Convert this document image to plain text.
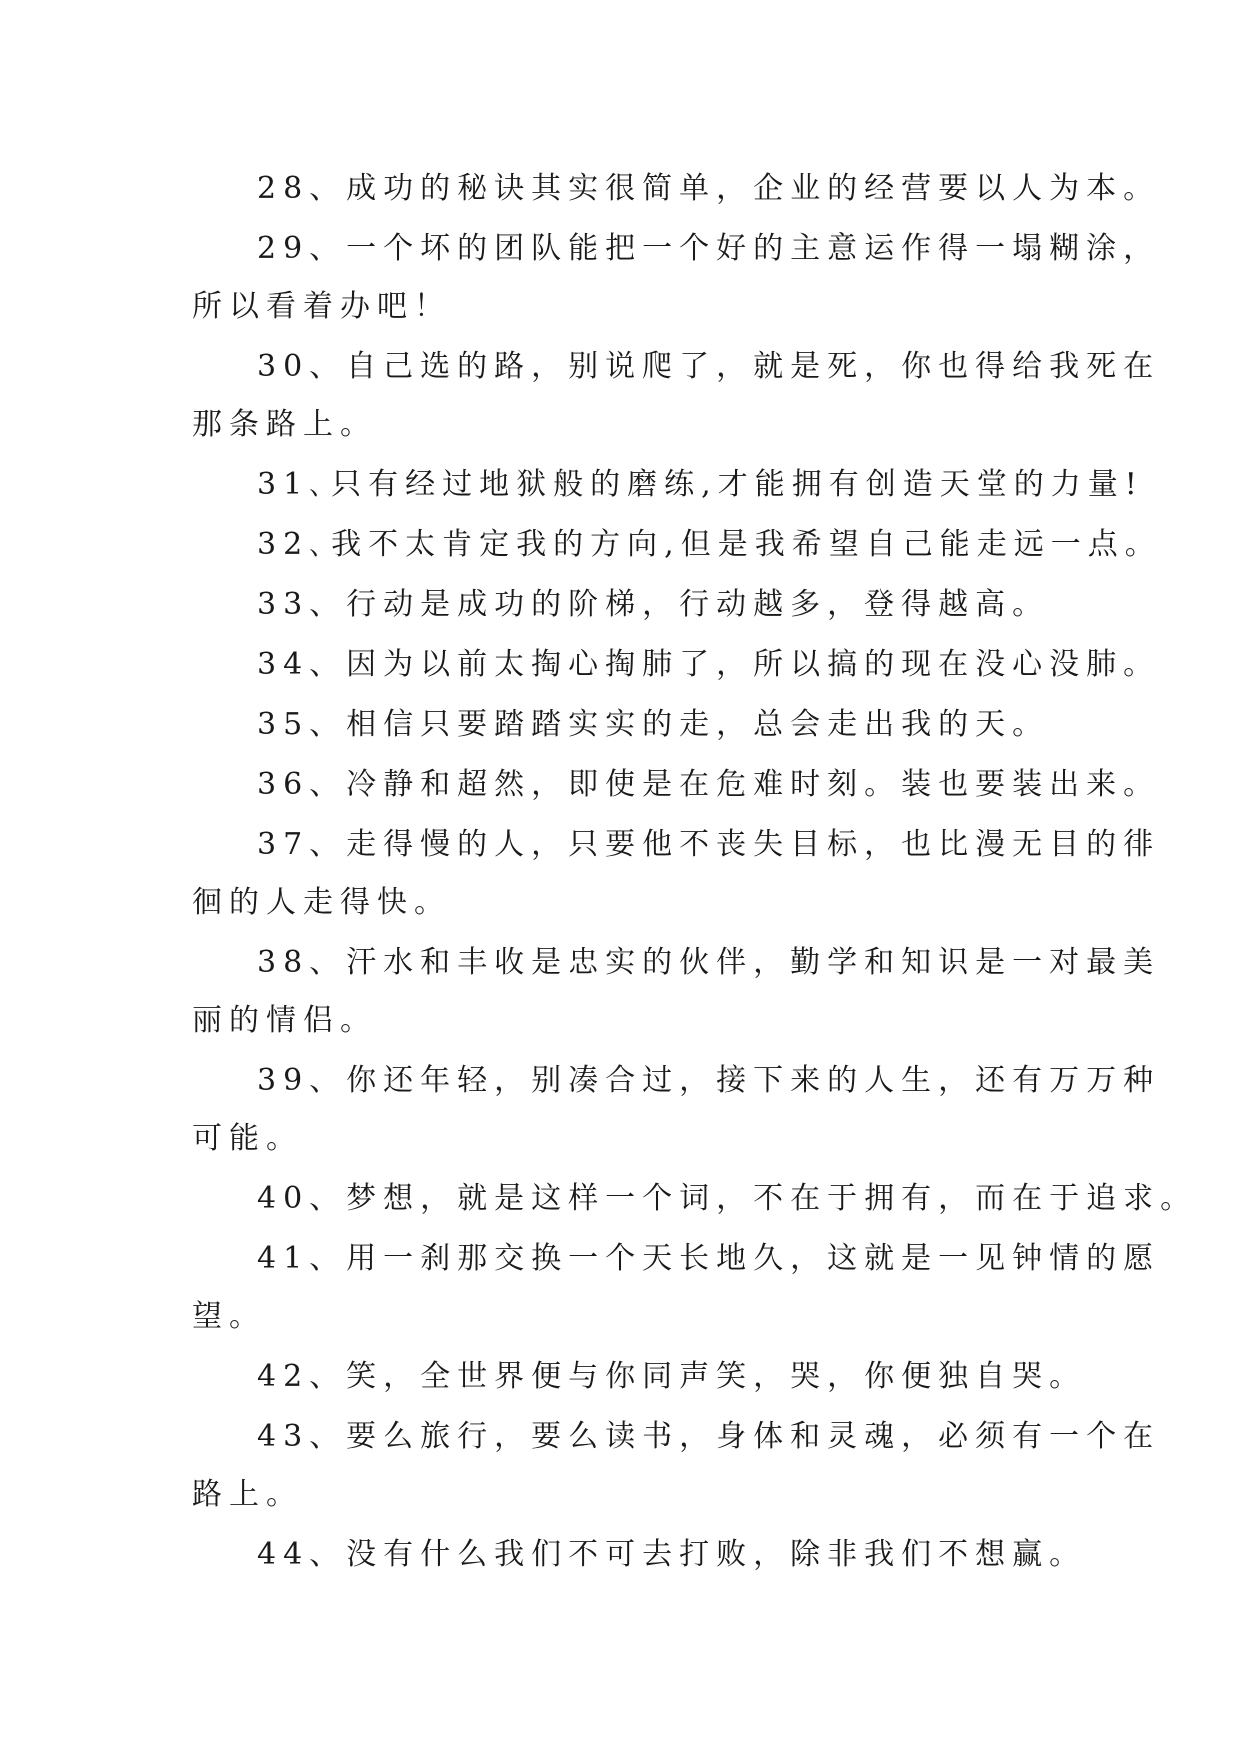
28、成功的秘诀其实很简单，企业的经营要以人为本。
29、一个坏的团队能把一个好的主意运作得一塌糊涂，
所以看着办吧！
30、自己选的路，别说爬了，就是死，你也得给我死在
那条路上。
31､只有经过地狱般的磨练,才能拥有创造天堂的力量!
32､我不太肯定我的方向,但是我希望自己能走远一点。
33、行动是成功的阶梯，行动越多，登得越高。
34、因为以前太掏心掏肺了，所以搞的现在没心没肺。
35、相信只要踏踏实实的走，总会走出我的天。
36、冷静和超然，即使是在危难时刻。装也要装出来。
37、走得慢的人，只要他不丧失目标，也比漫无目的徘
徊的人走得快。
38、汗水和丰收是忠实的伙伴，勤学和知识是一对最美
丽的情侣。
39、你还年轻，别凑合过，接下来的人生，还有万万种
可能。
40、梦想，就是这样一个词，不在于拥有，而在于追求。
41、用一刹那交换一个天长地久，这就是一见钟情的愿
望。
42、笑，全世界便与你同声笑，哭，你便独自哭。
43、要么旅行，要么读书，身体和灵魂，必须有一个在
路上。
44、没有什么我们不可去打败，除非我们不想赢。
